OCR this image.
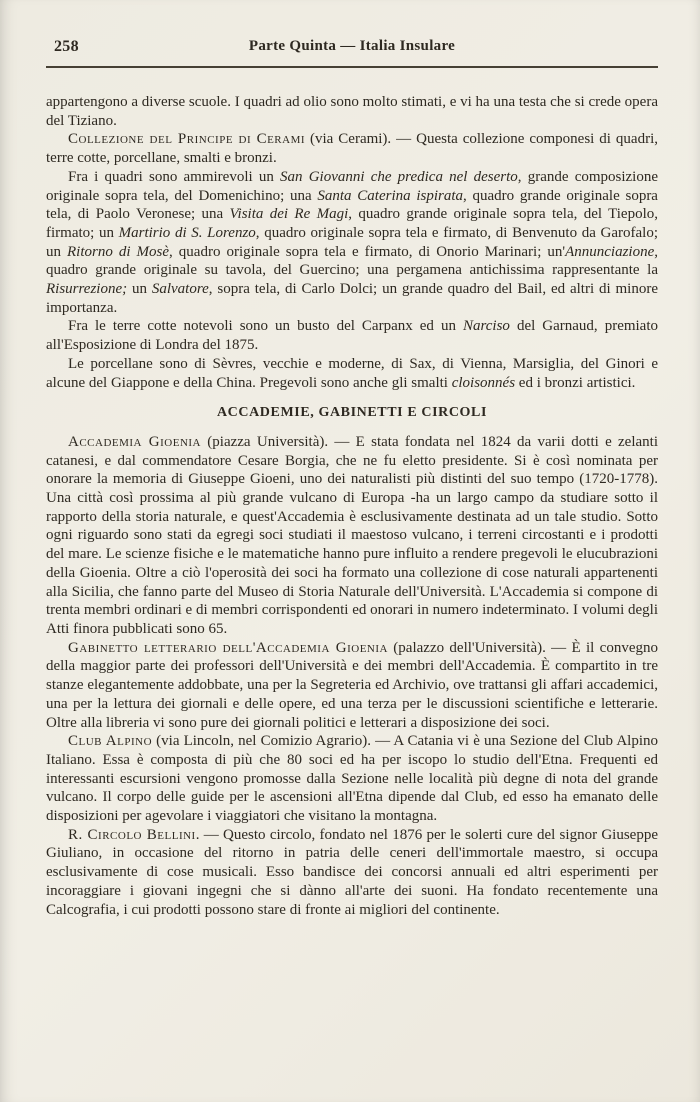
258	Parte Quinta — Italia Insulare

appartengono a diverse scuole. I quadri ad olio sono molto stimati, e vi ha una testa che si crede opera del Tiziano.

Collezione del Principe di Cerami (via Cerami). — Questa collezione componesi di quadri, terre cotte, porcellane, smalti e bronzi.

Fra i quadri sono ammirevoli un San Giovanni che predica nel deserto, grande composizione originale sopra tela, del Domenichino; una Santa Caterina ispirata, quadro grande originale sopra tela, di Paolo Veronese; una Visita dei Re Magi, quadro grande originale sopra tela, del Tiepolo, firmato; un Martirio di S. Lorenzo, quadro originale sopra tela e firmato, di Benvenuto da Garofalo; un Ritorno di Mosè, quadro originale sopra tela e firmato, di Onorio Marinari; un'Annunciazione, quadro grande originale su tavola, del Guercino; una pergamena antichissima rappresentante la Risurrezione; un Salvatore, sopra tela, di Carlo Dolci; un grande quadro del Bail, ed altri di minore importanza.

Fra le terre cotte notevoli sono un busto del Carpanx ed un Narciso del Garnaud, premiato all'Esposizione di Londra del 1875.

Le porcellane sono di Sèvres, vecchie e moderne, di Sax, di Vienna, Marsiglia, del Ginori e alcune del Giappone e della China. Pregevoli sono anche gli smalti cloisonnés ed i bronzi artistici.

ACCADEMIE, GABINETTI E CIRCOLI

Accademia Gioenia (piazza Università). — E stata fondata nel 1824 da varii dotti e zelanti catanesi, e dal commendatore Cesare Borgia, che ne fu eletto presidente. Si è così nominata per onorare la memoria di Giuseppe Gioeni, uno dei naturalisti più distinti del suo tempo (1720-1778). Una città così prossima al più grande vulcano di Europa -ha un largo campo da studiare sotto il rapporto della storia naturale, e quest'Accademia è esclusivamente destinata ad un tale studio. Sotto ogni riguardo sono stati da egregi soci studiati il maestoso vulcano, i terreni circostanti e i prodotti del mare. Le scienze fisiche e le matematiche hanno pure influito a rendere pregevoli le elucubrazioni della Gioenia. Oltre a ciò l'operosità dei soci ha formato una collezione di cose naturali appartenenti alla Sicilia, che fanno parte del Museo di Storia Naturale dell'Università. L'Accademia si compone di trenta membri ordinari e di membri corrispondenti ed onorari in numero indeterminato. I volumi degli Atti finora pubblicati sono 65.

Gabinetto letterario dell'Accademia Gioenia (palazzo dell'Università). — È il convegno della maggior parte dei professori dell'Università e dei membri dell'Accademia. È compartito in tre stanze elegantemente addobbate, una per la Segreteria ed Archivio, ove trattansi gli affari accademici, una per la lettura dei giornali e delle opere, ed una terza per le discussioni scientifiche e letterarie. Oltre alla libreria vi sono pure dei giornali politici e letterari a disposizione dei soci.

Club Alpino (via Lincoln, nel Comizio Agrario). — A Catania vi è una Sezione del Club Alpino Italiano. Essa è composta di più che 80 soci ed ha per iscopo lo studio dell'Etna. Frequenti ed interessanti escursioni vengono promosse dalla Sezione nelle località più degne di nota del grande vulcano. Il corpo delle guide per le ascensioni all'Etna dipende dal Club, ed esso ha emanato delle disposizioni per agevolare i viaggiatori che visitano la montagna.

R. Circolo Bellini. — Questo circolo, fondato nel 1876 per le solerti cure del signor Giuseppe Giuliano, in occasione del ritorno in patria delle ceneri dell'immortale maestro, si occupa esclusivamente di cose musicali. Esso bandisce dei concorsi annuali ed altri esperimenti per incoraggiare i giovani ingegni che si dànno all'arte dei suoni. Ha fondato recentemente una Calcografia, i cui prodotti possono stare di fronte ai migliori del continente.
